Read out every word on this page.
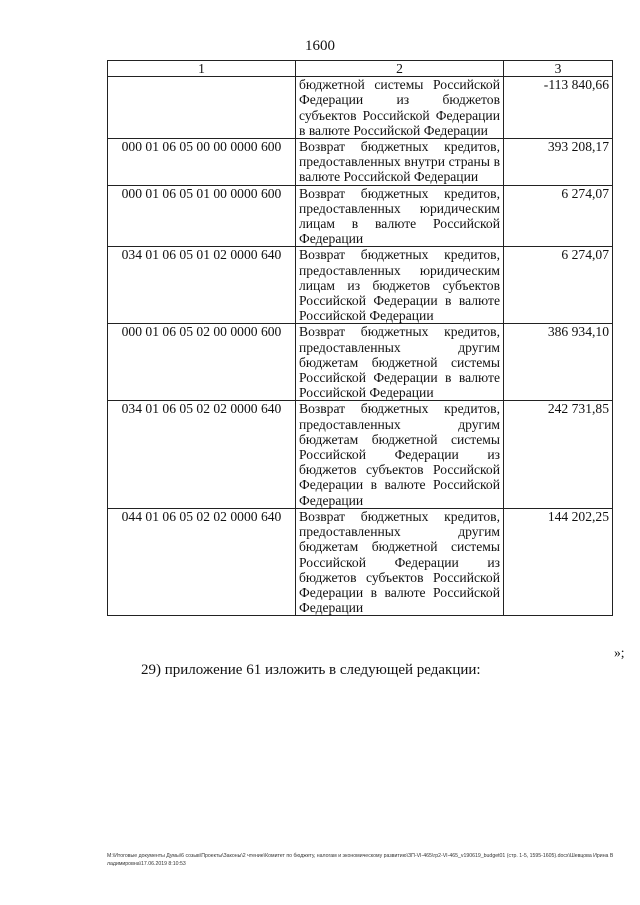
1600
1	2	3
	бюджетной системы Российской Федерации из бюджетов субъектов Российской Федерации в валюте Российской Федерации	-113 840,66
000 01 06 05 00 00 0000 600	Возврат бюджетных кредитов, предоставленных внутри страны в валюте Российской Федерации	393 208,17
000 01 06 05 01 00 0000 600	Возврат бюджетных кредитов, предоставленных юридическим лицам в валюте Российской Федерации	6 274,07
034 01 06 05 01 02 0000 640	Возврат бюджетных кредитов, предоставленных юридическим лицам из бюджетов субъектов Российской Федерации в валюте Российской Федерации	6 274,07
000 01 06 05 02 00 0000 600	Возврат бюджетных кредитов, предоставленных другим бюджетам бюджетной системы Российской Федерации в валюте Российской Федерации	386 934,10
034 01 06 05 02 02 0000 640	Возврат бюджетных кредитов, предоставленных другим бюджетам бюджетной системы Российской Федерации из бюджетов субъектов Российской Федерации в валюте Российской Федерации	242 731,85
044 01 06 05 02 02 0000 640	Возврат бюджетных кредитов, предоставленных другим бюджетам бюджетной системы Российской Федерации из бюджетов субъектов Российской Федерации в валюте Российской Федерации	144 202,25
»;
29) приложение 61 изложить в следующей редакции:
M:\Итоговые документы Думы\6 созыв\Проекты\Законы\2 чтение\Комитет по бюджету, налогам и экономическому развитию\ЗП-VI-465\гр2-VI-465_v190619_budget01 (стр. 1-5, 1595-1605).docx\Шевцова Ирина Владимировна\17.06.2019 8:10:53
